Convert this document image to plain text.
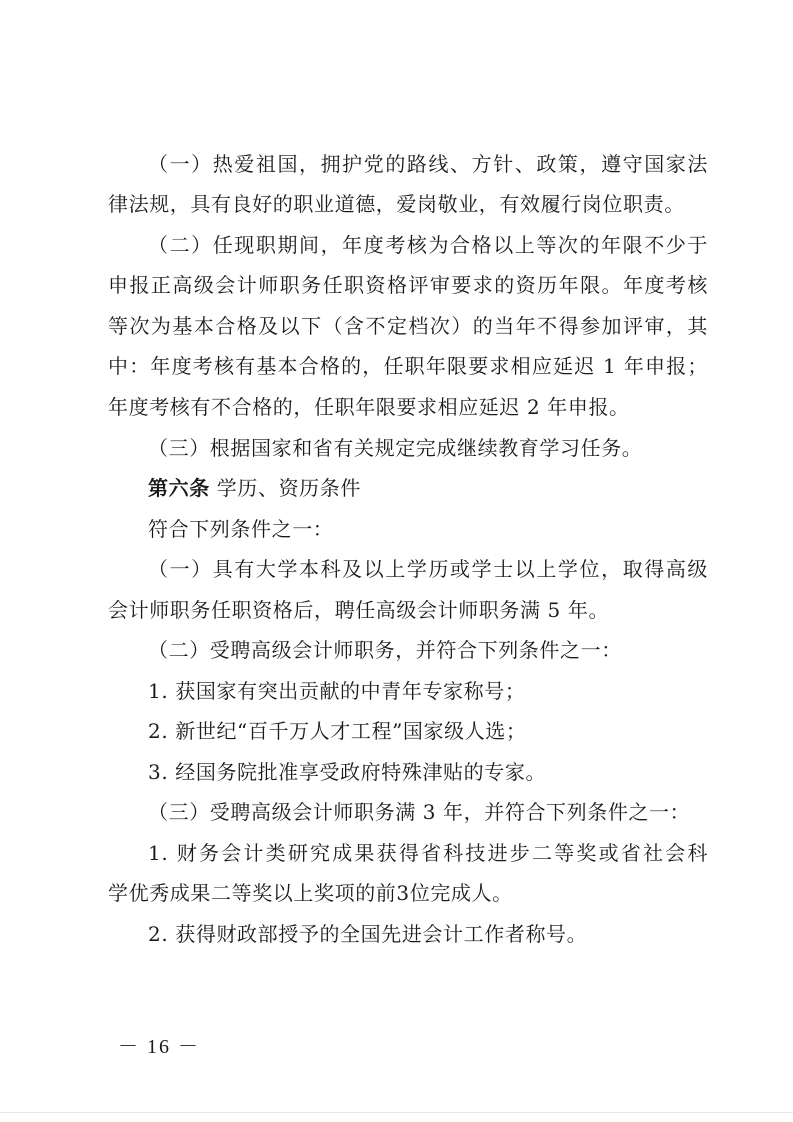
（一）热爱祖国，拥护党的路线、方针、政策，遵守国家法
律法规，具有良好的职业道德，爱岗敬业，有效履行岗位职责。
（二）任现职期间，年度考核为合格以上等次的年限不少于
申报正高级会计师职务任职资格评审要求的资历年限。年度考核
等次为基本合格及以下（含不定档次）的当年不得参加评审，其
中：年度考核有基本合格的，任职年限要求相应延迟 1 年申报；
年度考核有不合格的，任职年限要求相应延迟 2 年申报。
（三）根据国家和省有关规定完成继续教育学习任务。
第六条 学历、资历条件
符合下列条件之一：
（一）具有大学本科及以上学历或学士以上学位，取得高级
会计师职务任职资格后，聘任高级会计师职务满 5 年。
（二）受聘高级会计师职务，并符合下列条件之一：
1. 获国家有突出贡献的中青年专家称号；
2. 新世纪“百千万人才工程”国家级人选；
3. 经国务院批准享受政府特殊津贴的专家。
（三）受聘高级会计师职务满 3 年，并符合下列条件之一：
1. 财务会计类研究成果获得省科技进步二等奖或省社会科
学优秀成果二等奖以上奖项的前3位完成人。
2. 获得财政部授予的全国先进会计工作者称号。
－ 16 －
